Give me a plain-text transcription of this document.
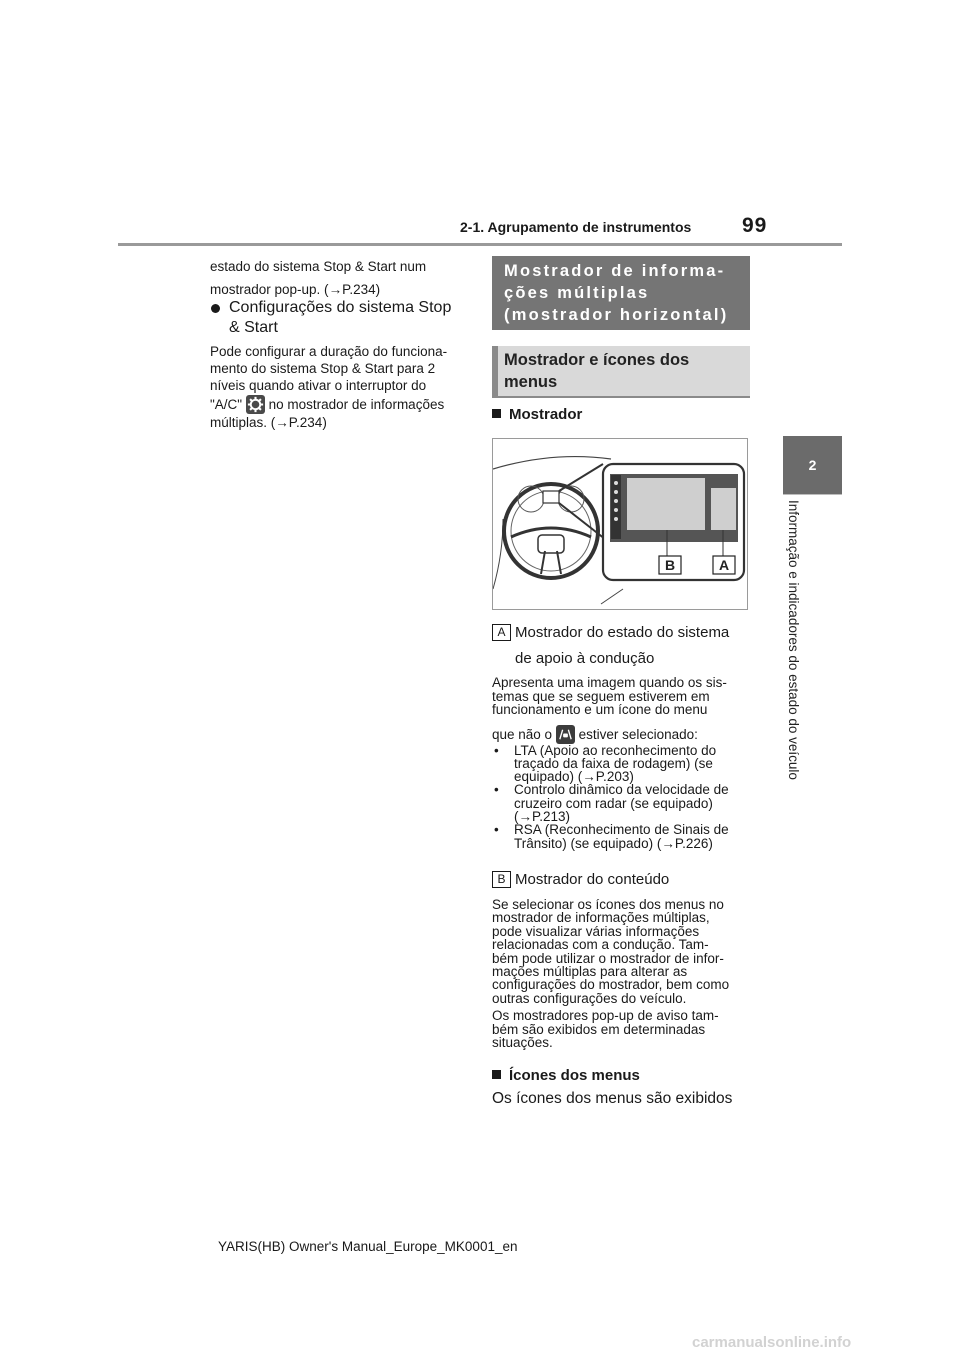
2-1. Agrupamento de instrumentos 99
2
Informação e indicadores do estado do veículo
estado do sistema Stop & Start num
mostrador pop-up. (→P.234)
Configurações do sistema Stop
& Start
Pode configurar a duração do funciona-
mento do sistema Stop & Start para 2
níveis quando ativar o interruptor do
"A/C" no mostrador de informações
múltiplas. (→P.234)
Mostrador de informa-
ções múltiplas
(mostrador horizontal)
Mostrador e ícones dos
menus
Mostrador
B	A
A Mostrador do estado do sistema
de apoio à condução
Apresenta uma imagem quando os sis-
temas que se seguem estiverem em
funcionamento e um ícone do menu
que não o estiver selecionado:
• LTA (Apoio ao reconhecimento do
traçado da faixa de rodagem) (se
equipado) (→P.203)
• Controlo dinâmico da velocidade de
cruzeiro com radar (se equipado)
(→P.213)
• RSA (Reconhecimento de Sinais de
Trânsito) (se equipado) (→P.226)
B Mostrador do conteúdo
Se selecionar os ícones dos menus no
mostrador de informações múltiplas,
pode visualizar várias informações
relacionadas com a condução. Tam-
bém pode utilizar o mostrador de infor-
mações múltiplas para alterar as
configurações do mostrador, bem como
outras configurações do veículo.
Os mostradores pop-up de aviso tam-
bém são exibidos em determinadas
situações.
Ícones dos menus
Os ícones dos menus são exibidos
YARIS(HB) Owner's Manual_Europe_MK0001_en
carmanualsonline.info
